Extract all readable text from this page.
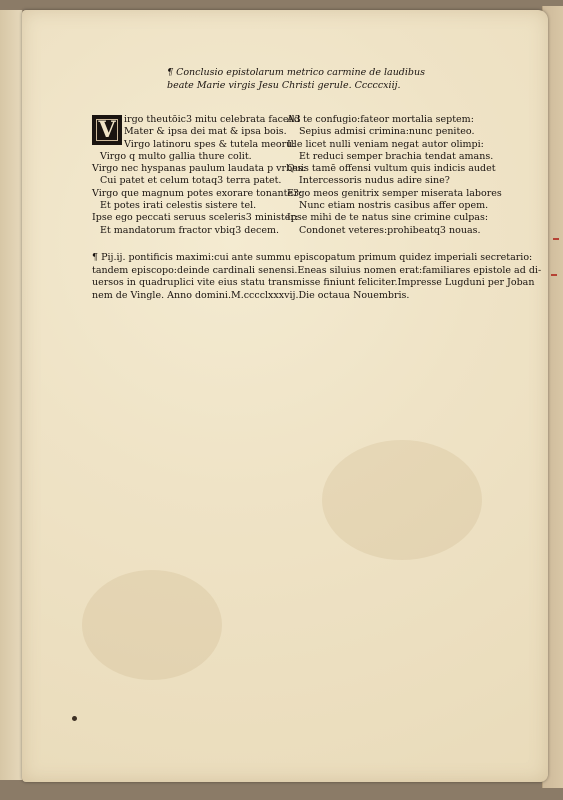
¶ Conclusio epistolarum metrico carmine de laudibus
beate Marie virgis Jesu Christi gerule. Cccccxiij.
V irgo theutōic3 mitu celebrata facell3
Mater & ipsa dei mat & ipsa bois.
Virgo latinoru spes & tutela meoru:
Virgo q multo gallia thure colit.
Virgo nec hyspanas paulum laudata p vrbes:
Cui patet et celum totaq3 terra patet.
Virgo que magnum potes exorare tonantē3:
Et potes irati celestis sistere tel.
Ipse ego peccati seruus sceleris3 minister:
Et mandatorum fractor vbiq3 decem.
Ad te confugio:fateor mortalia septem:
Sepius admisi crimina:nunc peniteo.
Ille licet nulli veniam negat autor olimpi:
Et reduci semper brachia tendat amans.
Quis tamē offensi vultum quis indicis audet
Intercessoris nudus adire sine?
Ergo meos genitrix semper miserata labores
Nunc etiam nostris casibus affer opem.
Ipse mihi de te natus sine crimine culpas:
Condonet veteres:prohibeatq3 nouas.
¶ Pij.ij. pontificis maximi:cui ante summu episcopatum primum quidez imperiali secretario:
tandem episcopo:deinde cardinali senensi.Eneas siluius nomen erat:familiares epistole ad di-
uersos in quadruplici vite eius statu transmisse finiunt feliciter.Impresse Lugduni per Joban
nem de Vingle. Anno domini.M.cccclxxxvij.Die octaua Nouembris.
